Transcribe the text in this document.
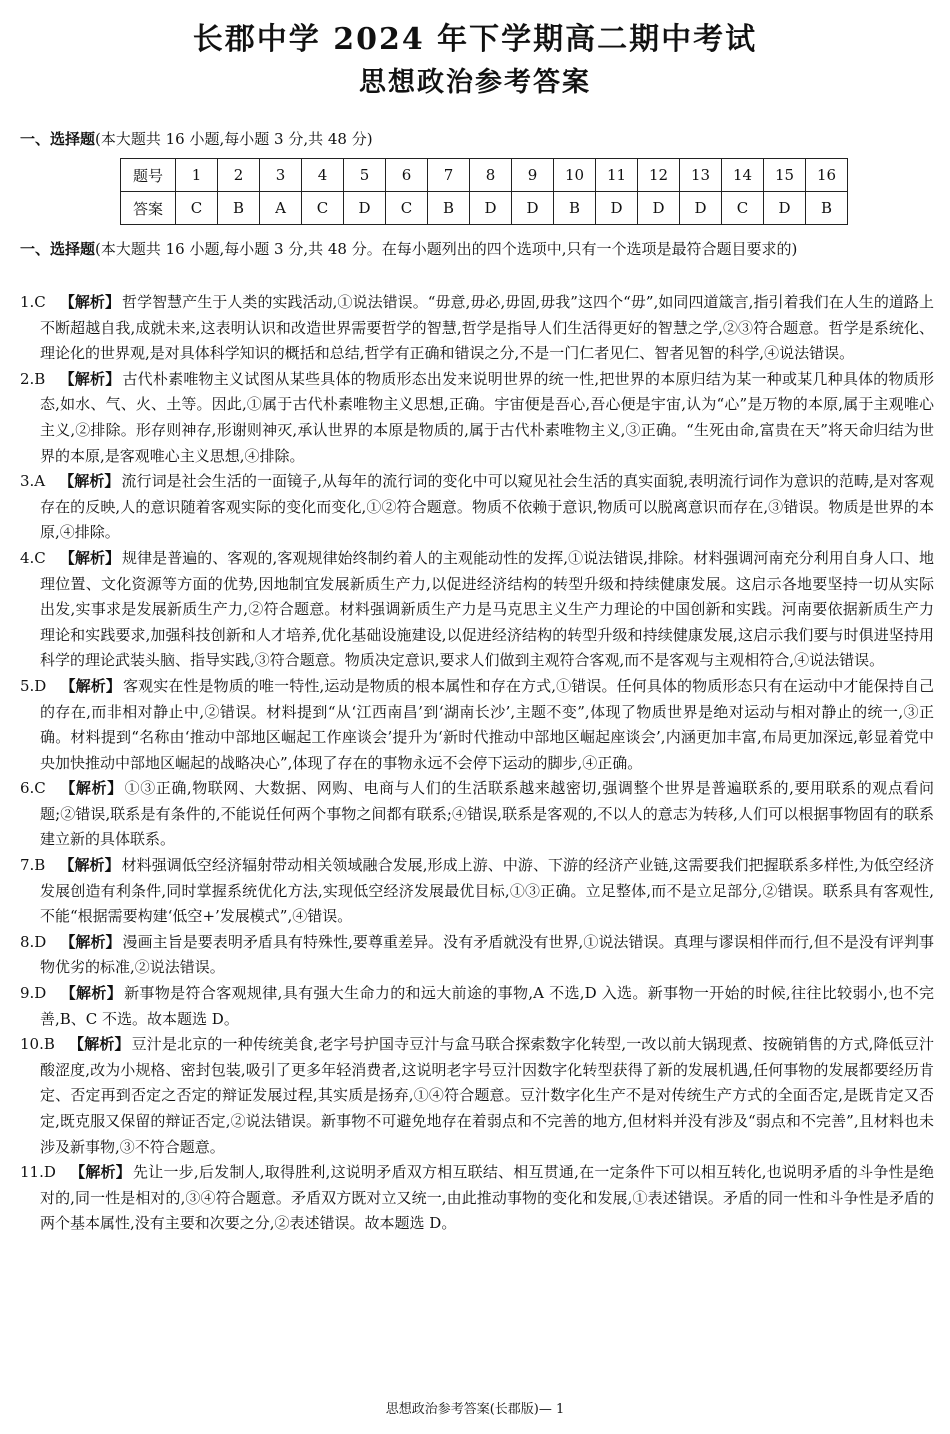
长郡中学 2024 年下学期高二期中考试
思想政治参考答案
一、选择题(本大题共 16 小题,每小题 3 分,共 48 分)
题号	1	2	3	4	5	6	7	8	9	10	11	12	13	14	15	16
答案	C	B	A	C	D	C	B	D	D	B	D	D	D	C	D	B
一、选择题(本大题共 16 小题,每小题 3 分,共 48 分。在每小题列出的四个选项中,只有一个选项是最符合题目要求的)
1.C 【解析】 哲学智慧产生于人类的实践活动,①说法错误。“毋意,毋必,毋固,毋我”这四个“毋”,如同四道箴言,指引着我们在人生的道路上不断超越自我,成就未来,这表明认识和改造世界需要哲学的智慧,哲学是指导人们生活得更好的智慧之学,②③符合题意。哲学是系统化、理论化的世界观,是对具体科学知识的概括和总结,哲学有正确和错误之分,不是一门仁者见仁、智者见智的科学,④说法错误。
2.B 【解析】 古代朴素唯物主义试图从某些具体的物质形态出发来说明世界的统一性,把世界的本原归结为某一种或某几种具体的物质形态,如水、气、火、土等。因此,①属于古代朴素唯物主义思想,正确。宇宙便是吾心,吾心便是宇宙,认为“心”是万物的本原,属于主观唯心主义,②排除。形存则神存,形谢则神灭,承认世界的本原是物质的,属于古代朴素唯物主义,③正确。“生死由命,富贵在天”将天命归结为世界的本原,是客观唯心主义思想,④排除。
3.A 【解析】 流行词是社会生活的一面镜子,从每年的流行词的变化中可以窥见社会生活的真实面貌,表明流行词作为意识的范畴,是对客观存在的反映,人的意识随着客观实际的变化而变化,①②符合题意。物质不依赖于意识,物质可以脱离意识而存在,③错误。物质是世界的本原,④排除。
4.C 【解析】 规律是普遍的、客观的,客观规律始终制约着人的主观能动性的发挥,①说法错误,排除。材料强调河南充分利用自身人口、地理位置、文化资源等方面的优势,因地制宜发展新质生产力,以促进经济结构的转型升级和持续健康发展。这启示各地要坚持一切从实际出发,实事求是发展新质生产力,②符合题意。材料强调新质生产力是马克思主义生产力理论的中国创新和实践。河南要依据新质生产力理论和实践要求,加强科技创新和人才培养,优化基础设施建设,以促进经济结构的转型升级和持续健康发展,这启示我们要与时俱进坚持用科学的理论武装头脑、指导实践,③符合题意。物质决定意识,要求人们做到主观符合客观,而不是客观与主观相符合,④说法错误。
5.D 【解析】 客观实在性是物质的唯一特性,运动是物质的根本属性和存在方式,①错误。任何具体的物质形态只有在运动中才能保持自己的存在,而非相对静止中,②错误。材料提到“从‘江西南昌’到‘湖南长沙’,主题不变”,体现了物质世界是绝对运动与相对静止的统一,③正确。材料提到“名称由‘推动中部地区崛起工作座谈会’提升为‘新时代推动中部地区崛起座谈会’,内涵更加丰富,布局更加深远,彰显着党中央加快推动中部地区崛起的战略决心”,体现了存在的事物永远不会停下运动的脚步,④正确。
6.C 【解析】 ①③正确,物联网、大数据、网购、电商与人们的生活联系越来越密切,强调整个世界是普遍联系的,要用联系的观点看问题;②错误,联系是有条件的,不能说任何两个事物之间都有联系;④错误,联系是客观的,不以人的意志为转移,人们可以根据事物固有的联系建立新的具体联系。
7.B 【解析】 材料强调低空经济辐射带动相关领域融合发展,形成上游、中游、下游的经济产业链,这需要我们把握联系多样性,为低空经济发展创造有利条件,同时掌握系统优化方法,实现低空经济发展最优目标,①③正确。立足整体,而不是立足部分,②错误。联系具有客观性,不能“根据需要构建‘低空+’发展模式”,④错误。
8.D 【解析】 漫画主旨是要表明矛盾具有特殊性,要尊重差异。没有矛盾就没有世界,①说法错误。真理与谬误相伴而行,但不是没有评判事物优劣的标准,②说法错误。
9.D 【解析】 新事物是符合客观规律,具有强大生命力的和远大前途的事物,A 不选,D 入选。新事物一开始的时候,往往比较弱小,也不完善,B、C 不选。故本题选 D。
10.B 【解析】 豆汁是北京的一种传统美食,老字号护国寺豆汁与盒马联合探索数字化转型,一改以前大锅现煮、按碗销售的方式,降低豆汁酸涩度,改为小规格、密封包装,吸引了更多年轻消费者,这说明老字号豆汁因数字化转型获得了新的发展机遇,任何事物的发展都要经历肯定、否定再到否定之否定的辩证发展过程,其实质是扬弃,①④符合题意。豆汁数字化生产不是对传统生产方式的全面否定,是既肯定又否定,既克服又保留的辩证否定,②说法错误。新事物不可避免地存在着弱点和不完善的地方,但材料并没有涉及“弱点和不完善”,且材料也未涉及新事物,③不符合题意。
11.D 【解析】 先让一步,后发制人,取得胜利,这说明矛盾双方相互联结、相互贯通,在一定条件下可以相互转化,也说明矛盾的斗争性是绝对的,同一性是相对的,③④符合题意。矛盾双方既对立又统一,由此推动事物的变化和发展,①表述错误。矛盾的同一性和斗争性是矛盾的两个基本属性,没有主要和次要之分,②表述错误。故本题选 D。
思想政治参考答案(长郡版)— 1
